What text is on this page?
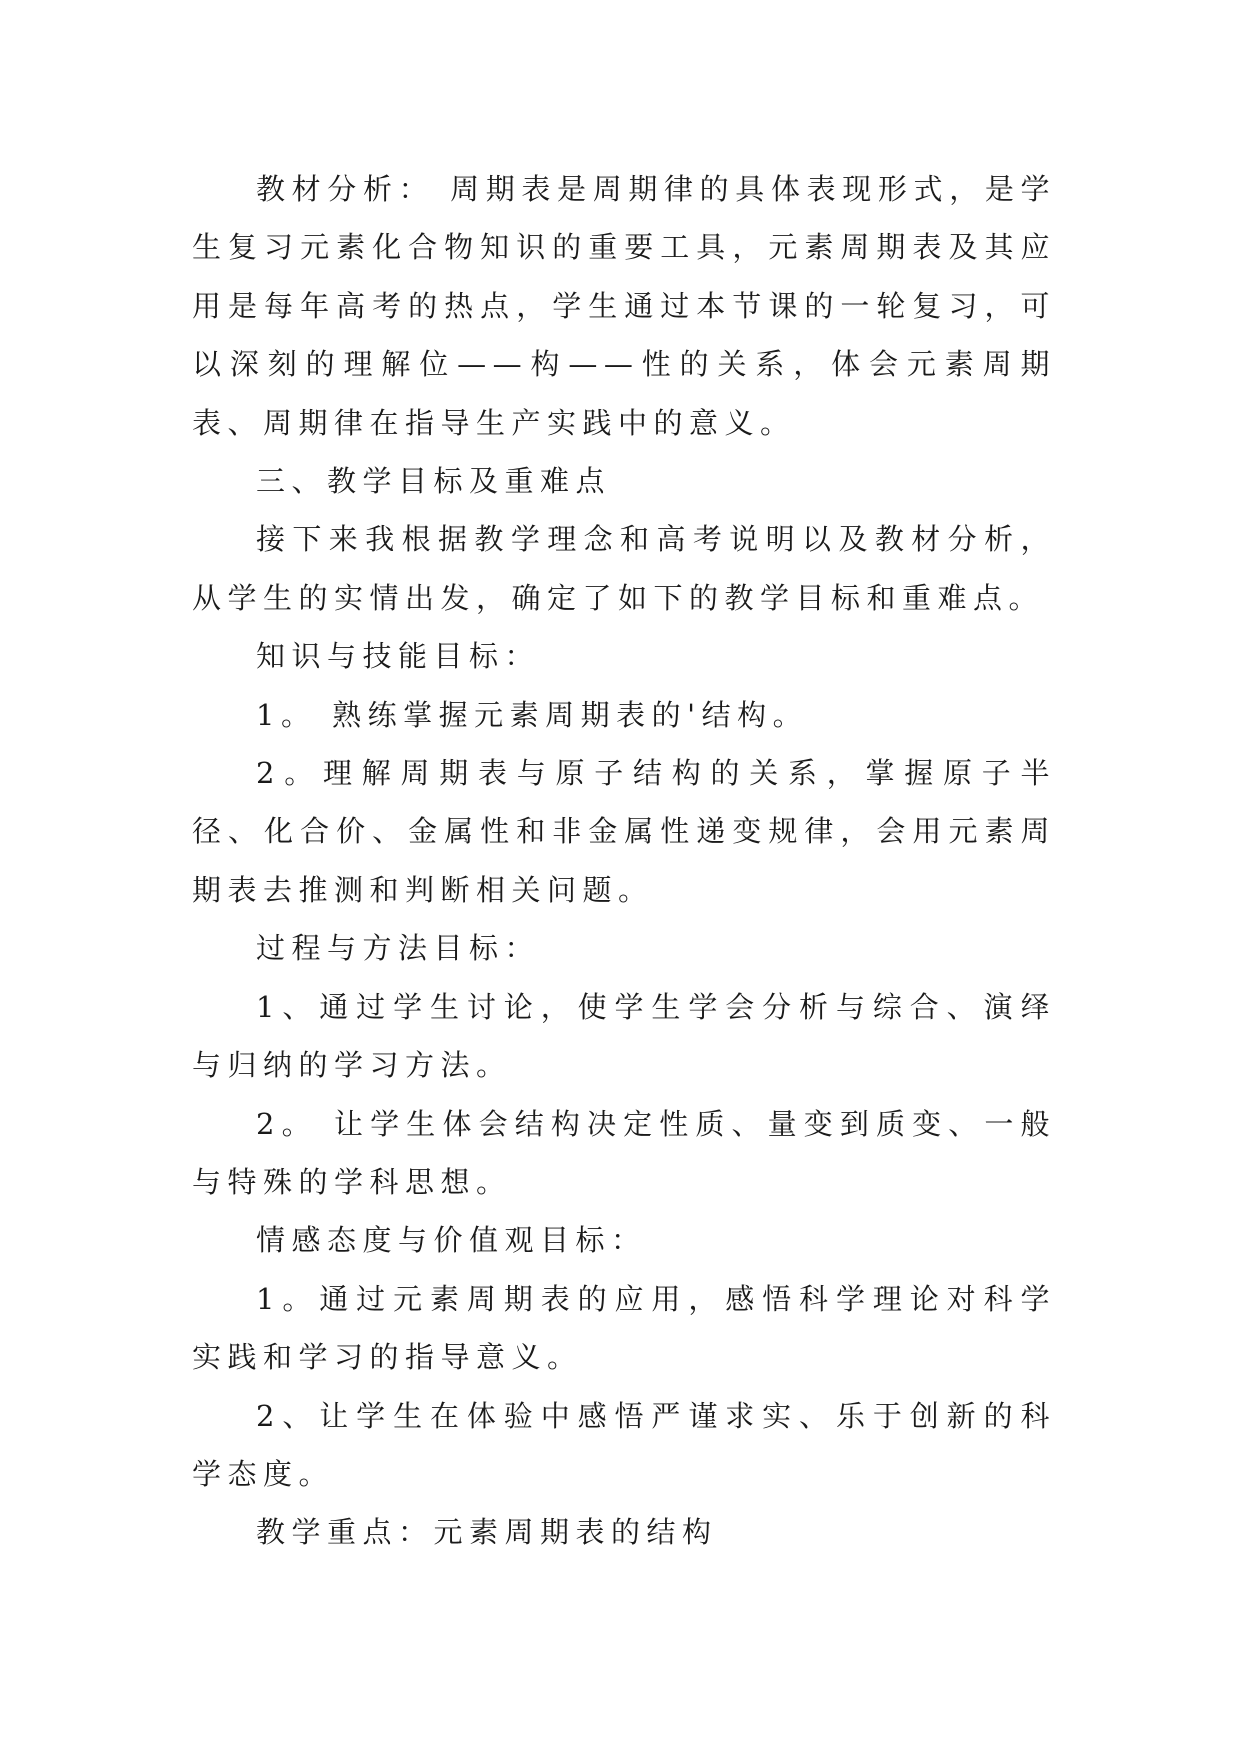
教材分析： 周期表是周期律的具体表现形式，是学生复习元素化合物知识的重要工具，元素周期表及其应用是每年高考的热点，学生通过本节课的一轮复习，可以深刻的理解位——构——性的关系，体会元素周期表、周期律在指导生产实践中的意义。

三、教学目标及重难点

接下来我根据教学理念和高考说明以及教材分析，从学生的实情出发，确定了如下的教学目标和重难点。

知识与技能目标：

1。 熟练掌握元素周期表的'结构。

2。理解周期表与原子结构的关系，掌握原子半径、化合价、金属性和非金属性递变规律，会用元素周期表去推测和判断相关问题。

过程与方法目标：

1、通过学生讨论，使学生学会分析与综合、演绎与归纳的学习方法。

2。 让学生体会结构决定性质、量变到质变、一般与特殊的学科思想。

情感态度与价值观目标：

1。通过元素周期表的应用，感悟科学理论对科学实践和学习的指导意义。

2、让学生在体验中感悟严谨求实、乐于创新的科学态度。

教学重点：元素周期表的结构
